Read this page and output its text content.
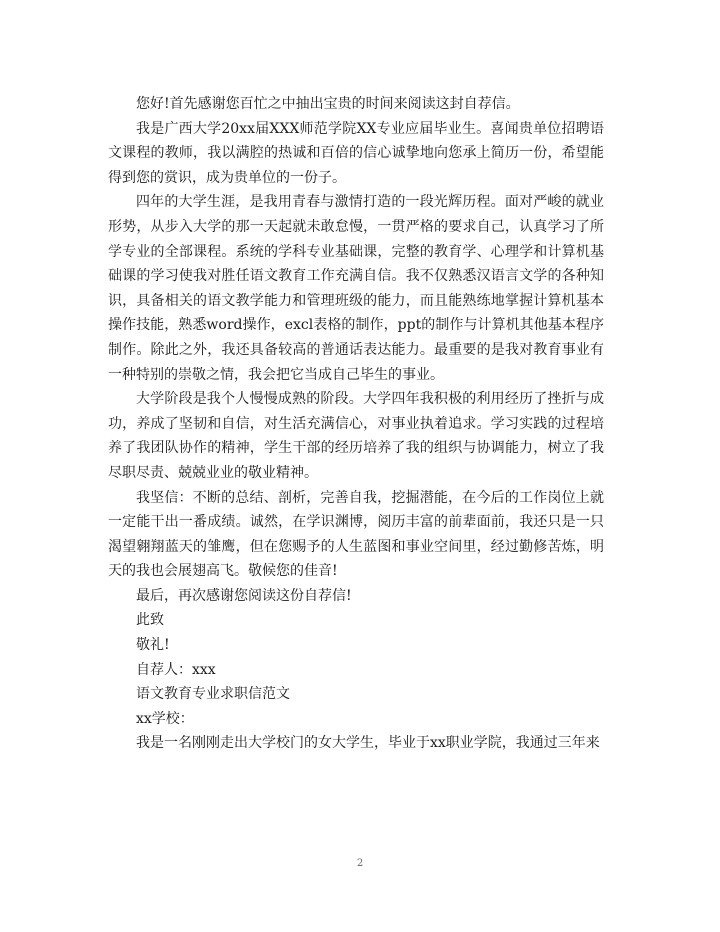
您好!首先感谢您百忙之中抽出宝贵的时间来阅读这封自荐信。

我是广西大学20xx届XXX师范学院XX专业应届毕业生。喜闻贵单位招聘语文课程的教师，我以满腔的热诚和百倍的信心诚挚地向您承上简历一份，希望能得到您的赏识，成为贵单位的一份子。

四年的大学生涯，是我用青春与激情打造的一段光辉历程。面对严峻的就业形势，从步入大学的那一天起就未敢怠慢，一贯严格的要求自己，认真学习了所学专业的全部课程。系统的学科专业基础课，完整的教育学、心理学和计算机基础课的学习使我对胜任语文教育工作充满自信。我不仅熟悉汉语言文学的各种知识，具备相关的语文教学能力和管理班级的能力，而且能熟练地掌握计算机基本操作技能，熟悉word操作，excl表格的制作，ppt的制作与计算机其他基本程序制作。除此之外，我还具备较高的普通话表达能力。最重要的是我对教育事业有一种特别的崇敬之情，我会把它当成自己毕生的事业。

大学阶段是我个人慢慢成熟的阶段。大学四年我积极的利用经历了挫折与成功，养成了坚韧和自信，对生活充满信心，对事业执着追求。学习实践的过程培养了我团队协作的精神，学生干部的经历培养了我的组织与协调能力，树立了我尽职尽责、兢兢业业的敬业精神。

我坚信：不断的总结、剖析，完善自我，挖掘潜能，在今后的工作岗位上就一定能干出一番成绩。诚然，在学识渊博，阅历丰富的前辈面前，我还只是一只渴望翱翔蓝天的雏鹰，但在您赐予的人生蓝图和事业空间里，经过勤修苦炼，明天的我也会展翅高飞。敬候您的佳音!

最后，再次感谢您阅读这份自荐信!

此致

敬礼!

自荐人：xxx

语文教育专业求职信范文

xx学校：

我是一名刚刚走出大学校门的女大学生，毕业于xx职业学院，我通过三年来

2
